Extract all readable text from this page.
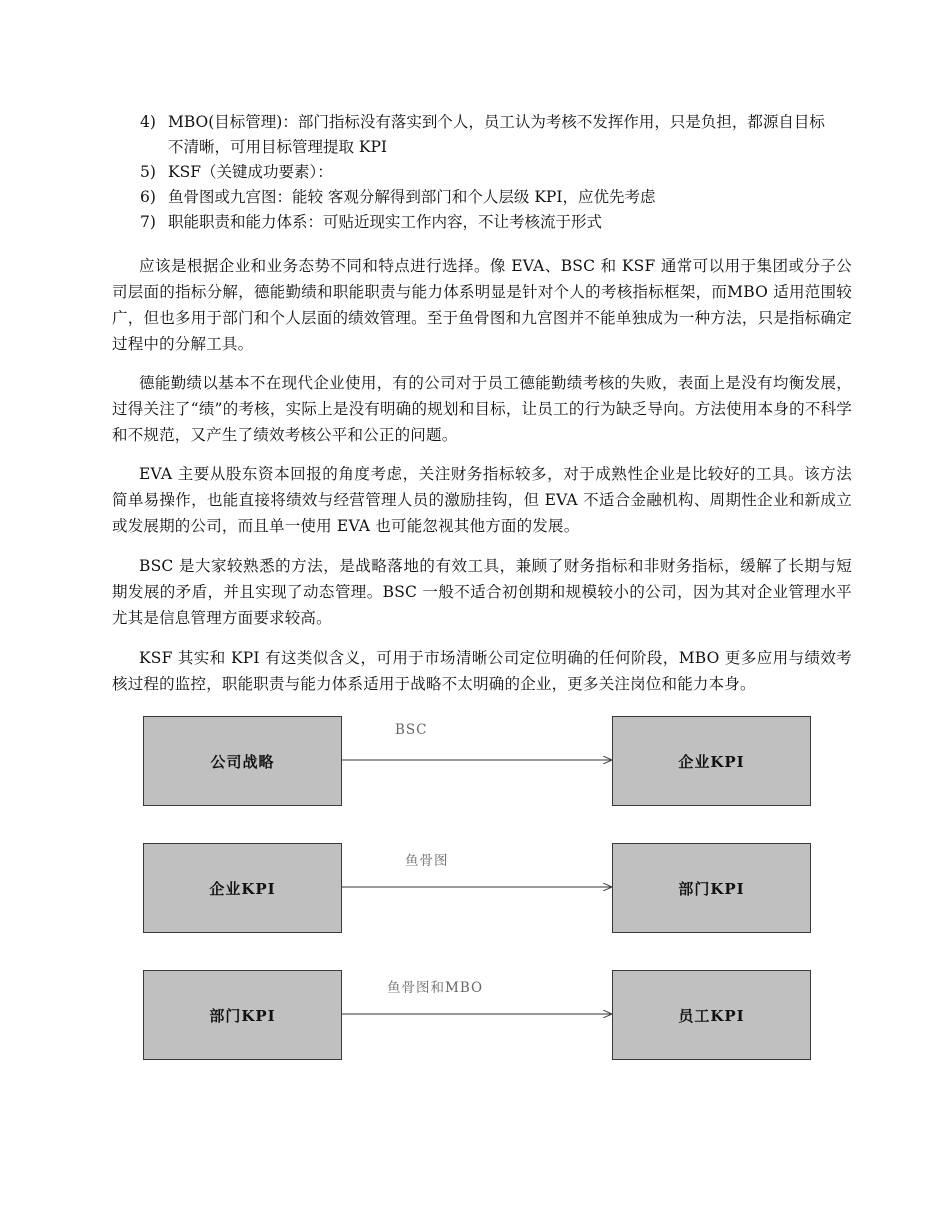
4) MBO(目标管理)：部门指标没有落实到个人，员工认为考核不发挥作用，只是负担，都源自目标不清晰，可用目标管理提取 KPI
5) KSF（关键成功要素）：
6) 鱼骨图或九宫图：能较 客观分解得到部门和个人层级 KPI，应优先考虑
7) 职能职责和能力体系：可贴近现实工作内容，不让考核流于形式

应该是根据企业和业务态势不同和特点进行选择。像 EVA、BSC 和 KSF 通常可以用于集团或分子公司层面的指标分解，德能勤绩和职能职责与能力体系明显是针对个人的考核指标框架，而MBO 适用范围较广，但也多用于部门和个人层面的绩效管理。至于鱼骨图和九宫图并不能单独成为一种方法，只是指标确定过程中的分解工具。

德能勤绩以基本不在现代企业使用，有的公司对于员工德能勤绩考核的失败，表面上是没有均衡发展，过得关注了“绩”的考核，实际上是没有明确的规划和目标，让员工的行为缺乏导向。方法使用本身的不科学和不规范，又产生了绩效考核公平和公正的问题。

EVA 主要从股东资本回报的角度考虑，关注财务指标较多，对于成熟性企业是比较好的工具。该方法简单易操作，也能直接将绩效与经营管理人员的激励挂钩，但 EVA 不适合金融机构、周期性企业和新成立或发展期的公司，而且单一使用 EVA 也可能忽视其他方面的发展。

BSC 是大家较熟悉的方法，是战略落地的有效工具，兼顾了财务指标和非财务指标，缓解了长期与短期发展的矛盾，并且实现了动态管理。BSC 一般不适合初创期和规模较小的公司，因为其对企业管理水平尤其是信息管理方面要求较高。

KSF 其实和 KPI 有这类似含义，可用于市场清晰公司定位明确的任何阶段，MBO 更多应用与绩效考核过程的监控，职能职责与能力体系适用于战略不太明确的企业，更多关注岗位和能力本身。

公司战略
BSC
企业KPI
企业KPI
鱼骨图
部门KPI
部门KPI
鱼骨图和MBO
员工KPI
